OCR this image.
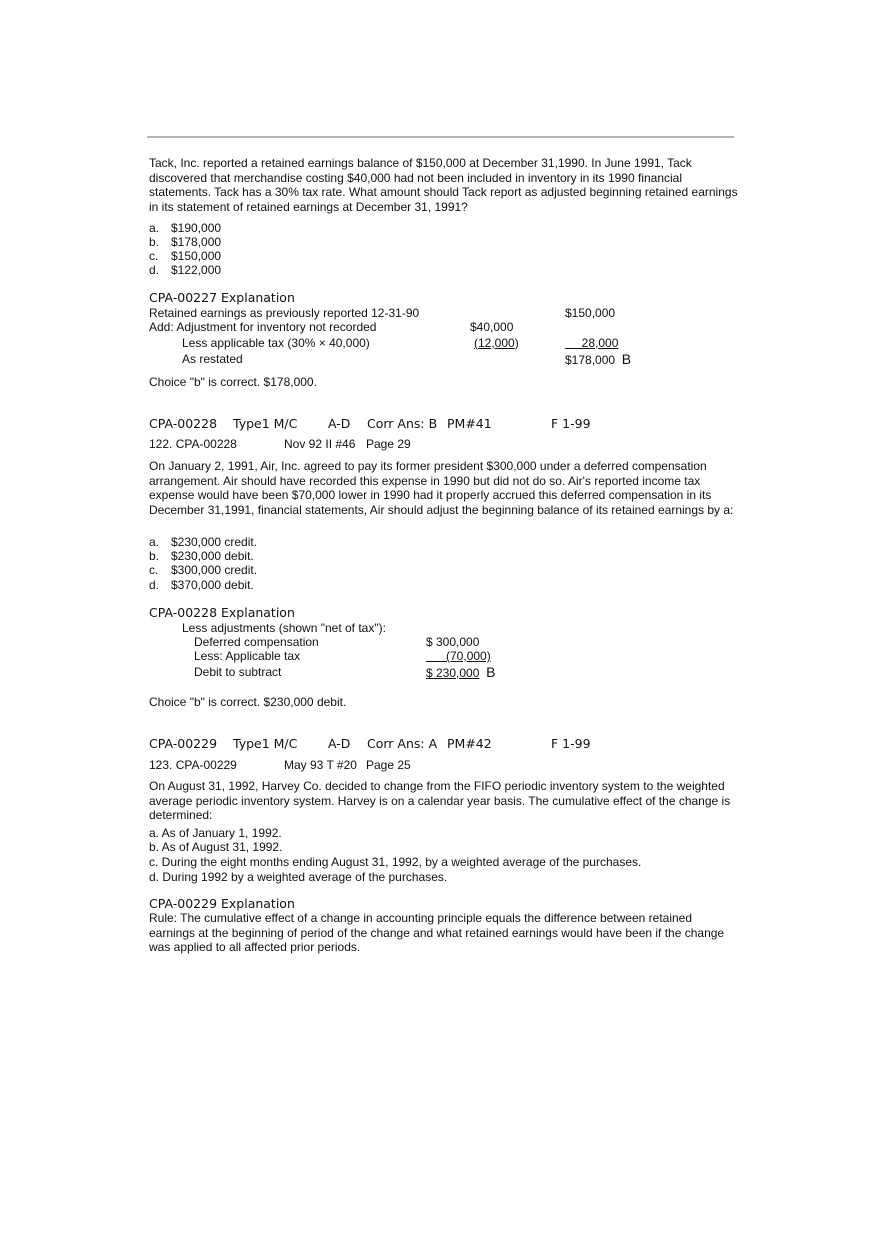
Tack, Inc. reported a retained earnings balance of $150,000 at December 31,1990. In June 1991, Tack discovered that merchandise costing $40,000 had not been included in inventory in its 1990 financial statements. Tack has a 30% tax rate. What amount should Tack report as adjusted beginning retained earnings in its statement of retained earnings at December 31, 1991?
a. $190,000
b. $178,000
c. $150,000
d. $122,000
CPA-00227 Explanation
Retained earnings as previously reported 12-31-90	$150,000
Add: Adjustment for inventory not recorded	$40,000
Less applicable tax (30% × 40,000)	(12,000)	28,000
As restated	$178,000 B
Choice "b" is correct. $178,000.
CPA-00228 Type1 M/C A-D Corr Ans: B PM#41	F 1-99
122. CPA-00228	Nov 92 II #46 Page 29
On January 2, 1991, Air, Inc. agreed to pay its former president $300,000 under a deferred compensation arrangement. Air should have recorded this expense in 1990 but did not do so. Air's reported income tax expense would have been $70,000 lower in 1990 had it properly accrued this deferred compensation in its December 31,1991, financial statements, Air should adjust the beginning balance of its retained earnings by a:
a. $230,000 credit.
b. $230,000 debit.
c. $300,000 credit.
d. $370,000 debit.
CPA-00228 Explanation
Less adjustments (shown "net of tax"):
Deferred compensation	$ 300,000
Less: Applicable tax	(70,000)
Debit to subtract	$ 230,000 B
Choice "b" is correct. $230,000 debit.
CPA-00229 Type1 M/C A-D Corr Ans: A PM#42	F 1-99
123. CPA-00229	May 93 T #20 Page 25
On August 31, 1992, Harvey Co. decided to change from the FIFO periodic inventory system to the weighted average periodic inventory system. Harvey is on a calendar year basis. The cumulative effect of the change is determined:
a. As of January 1, 1992.
b. As of August 31, 1992.
c. During the eight months ending August 31, 1992, by a weighted average of the purchases.
d. During 1992 by a weighted average of the purchases.
CPA-00229 Explanation
Rule: The cumulative effect of a change in accounting principle equals the difference between retained earnings at the beginning of period of the change and what retained earnings would have been if the change was applied to all affected prior periods.
